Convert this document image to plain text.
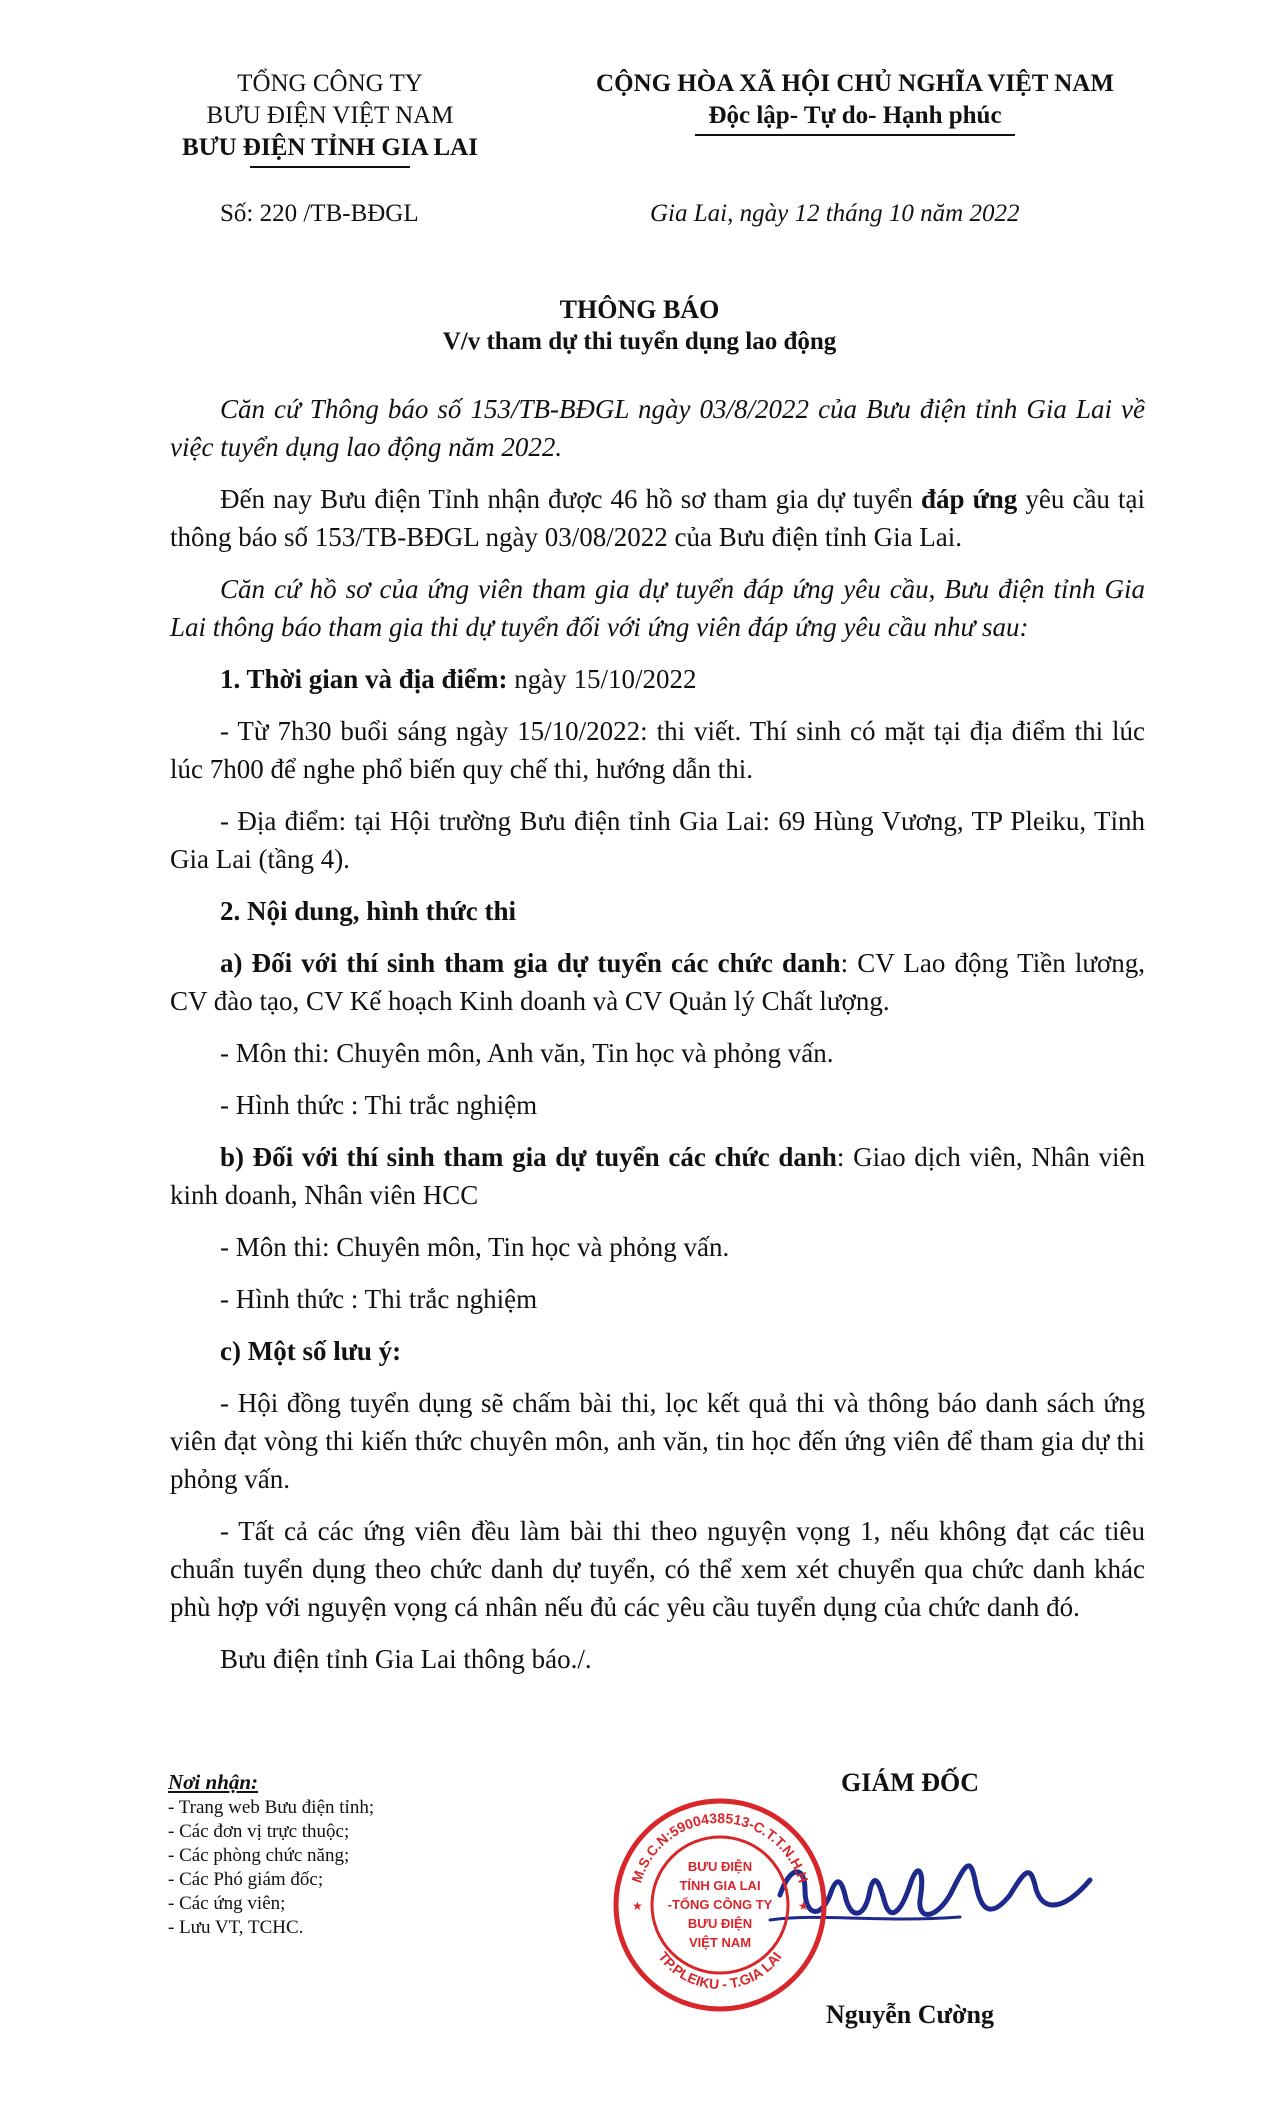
TỔNG CÔNG TY
BƯU ĐIỆN VIỆT NAM
BƯU ĐIỆN TỈNH GIA LAI
CỘNG HÒA XÃ HỘI CHỦ NGHĨA VIỆT NAM
Độc lập- Tự do- Hạnh phúc
Số: 220 /TB-BĐGL	Gia Lai, ngày 12 tháng 10 năm 2022
THÔNG BÁO
V/v tham dự thi tuyển dụng lao động

Căn cứ Thông báo số 153/TB-BĐGL ngày 03/8/2022 của Bưu điện tỉnh Gia Lai về việc tuyển dụng lao động năm 2022.

Đến nay Bưu điện Tỉnh nhận được 46 hồ sơ tham gia dự tuyển đáp ứng yêu cầu tại thông báo số 153/TB-BĐGL ngày 03/08/2022 của Bưu điện tỉnh Gia Lai.

Căn cứ hồ sơ của ứng viên tham gia dự tuyển đáp ứng yêu cầu, Bưu điện tỉnh Gia Lai thông báo tham gia thi dự tuyển đối với ứng viên đáp ứng yêu cầu như sau:

1. Thời gian và địa điểm: ngày 15/10/2022

- Từ 7h30 buổi sáng ngày 15/10/2022: thi viết. Thí sinh có mặt tại địa điểm thi lúc lúc 7h00 để nghe phổ biến quy chế thi, hướng dẫn thi.

- Địa điểm: tại Hội trường Bưu điện tỉnh Gia Lai: 69 Hùng Vương, TP Pleiku, Tỉnh Gia Lai (tầng 4).

2. Nội dung, hình thức thi

a) Đối với thí sinh tham gia dự tuyển các chức danh: CV Lao động Tiền lương, CV đào tạo, CV Kế hoạch Kinh doanh và CV Quản lý Chất lượng.

- Môn thi: Chuyên môn, Anh văn, Tin học và phỏng vấn.

- Hình thức : Thi trắc nghiệm

b) Đối với thí sinh tham gia dự tuyển các chức danh: Giao dịch viên, Nhân viên kinh doanh, Nhân viên HCC

- Môn thi: Chuyên môn, Tin học và phỏng vấn.

- Hình thức : Thi trắc nghiệm

c) Một số lưu ý:

- Hội đồng tuyển dụng sẽ chấm bài thi, lọc kết quả thi và thông báo danh sách ứng viên đạt vòng thi kiến thức chuyên môn, anh văn, tin học đến ứng viên để tham gia dự thi phỏng vấn.

- Tất cả các ứng viên đều làm bài thi theo nguyện vọng 1, nếu không đạt các tiêu chuẩn tuyển dụng theo chức danh dự tuyển, có thể xem xét chuyển qua chức danh khác phù hợp với nguyện vọng cá nhân nếu đủ các yêu cầu tuyển dụng của chức danh đó.

Bưu điện tỉnh Gia Lai thông báo./.

Nơi nhận:
- Trang web Bưu điện tỉnh;
- Các đơn vị trực thuộc;
- Các phòng chức năng;
- Các Phó giám đốc;
- Các ứng viên;
- Lưu VT, TCHC.
GIÁM ĐỐC
M.S.C.N:5900438513-C.T.T.N.H.H
TP.PLEIKU - T.GIA LAI
BƯU ĐIỆN
TỈNH GIA LAI
-TỔNG CÔNG TY
BƯU ĐIỆN
VIỆT NAM
★	★
Nguyễn Cường
